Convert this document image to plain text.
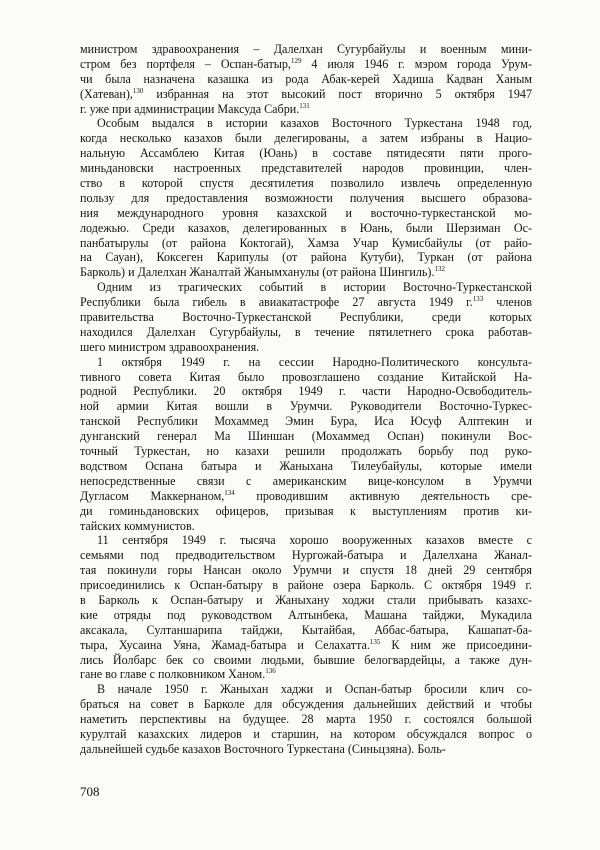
министром здравоохранения – Далелхан Сугурбайулы и военным мини-
стром без портфеля – Оспан-батыр,$^{129}$ 4 июля 1946 г. мэром города Урум-
чи была назначена казашка из рода Абак-керей Хадиша Кадван Ханым
(Хатеван),$^{130}$ избранная на этот высокий пост вторично 5 октября 1947
г. уже при администрации Максуда Сабри.$^{131}$
Особым выдался в истории казахов Восточного Туркестана 1948 год,
когда несколько казахов были делегированы, а затем избраны в Нацио-
нальную Ассамблею Китая (Юань) в составе пятидесяти пяти прого-
миньдановски настроенных представителей народов провинции, член-
ство в которой спустя десятилетия позволило извлечь определенную
пользу для предоставления возможности получения высшего образова-
ния международного уровня казахской и восточно-туркестанской мо-
лодежью. Среди казахов, делегированных в Юань, были Шерзиман Ос-
панбатырулы (от района Коктогай), Хамза Учар Кумисбайулы (от райо-
на Сауан), Коксеген Карипулы (от района Кутуби), Туркан (от района
Барколь) и Далелхан Жаналтай Жанымханулы (от района Шингиль).$^{132}$
Одним из трагических событий в истории Восточно-Туркестанской
Республики была гибель в авиакатастрофе 27 августа 1949 г.$^{133}$ членов
правительства Восточно-Туркестанской Республики, среди которых
находился Далелхан Сугурбайулы, в течение пятилетнего срока работав-
шего министром здравоохранения.
1 октября 1949 г. на сессии Народно-Политического консульта-
тивного совета Китая было провозглашено создание Китайской На-
родной Республики. 20 октября 1949 г. части Народно-Освободитель-
ной армии Китая вошли в Урумчи. Руководители Восточно-Туркес-
танской Республики Мохаммед Эмин Бура, Иса Юсуф Алптекин и
дунганский генерал Ма Шиншан (Мохаммед Оспан) покинули Вос-
точный Туркестан, но казахи решили продолжать борьбу под руко-
водством Оспана батыра и Жаныхана Тилеубайулы, которые имели
непосредственные связи с американским вице-консулом в Урумчи
Дугласом Маккернаном,$^{134}$ проводившим активную деятельность сре-
ди гоминьдановских офицеров, призывая к выступлениям против ки-
тайских коммунистов.
11 сентября 1949 г. тысяча хорошо вооруженных казахов вместе с
семьями под предводительством Нургожай-батыра и Далелхана Жанал-
тая покинули горы Нансан около Урумчи и спустя 18 дней 29 сентября
присоединились к Оспан-батыру в районе озера Барколь. С октября 1949 г.
в Барколь к Оспан-батыру и Жаныхану ходжи стали прибывать казахс-
кие отряды под руководством Алтынбека, Машана тайджи, Мукадила
аксакала, Султаншарипа тайджи, Кытайбая, Аббас-батыра, Кашапат-ба-
тыра, Хусаина Уяна, Жамад-батыра и Селахатта.$^{135}$ К ним же присоедини-
лись Йолбарс бек со своими людьми, бывшие белогвардейцы, а также дун-
гане во главе с полковником Ханом.$^{136}$
В начале 1950 г. Жаныхан хаджи и Оспан-батыр бросили клич со-
браться на совет в Барколе для обсуждения дальнейших действий и чтобы
наметить перспективы на будущее. 28 марта 1950 г. состоялся большой
курултай казахских лидеров и старшин, на котором обсуждался вопрос о
дальнейшей судьбе казахов Восточного Туркестана (Синьцзяна). Боль-
708
